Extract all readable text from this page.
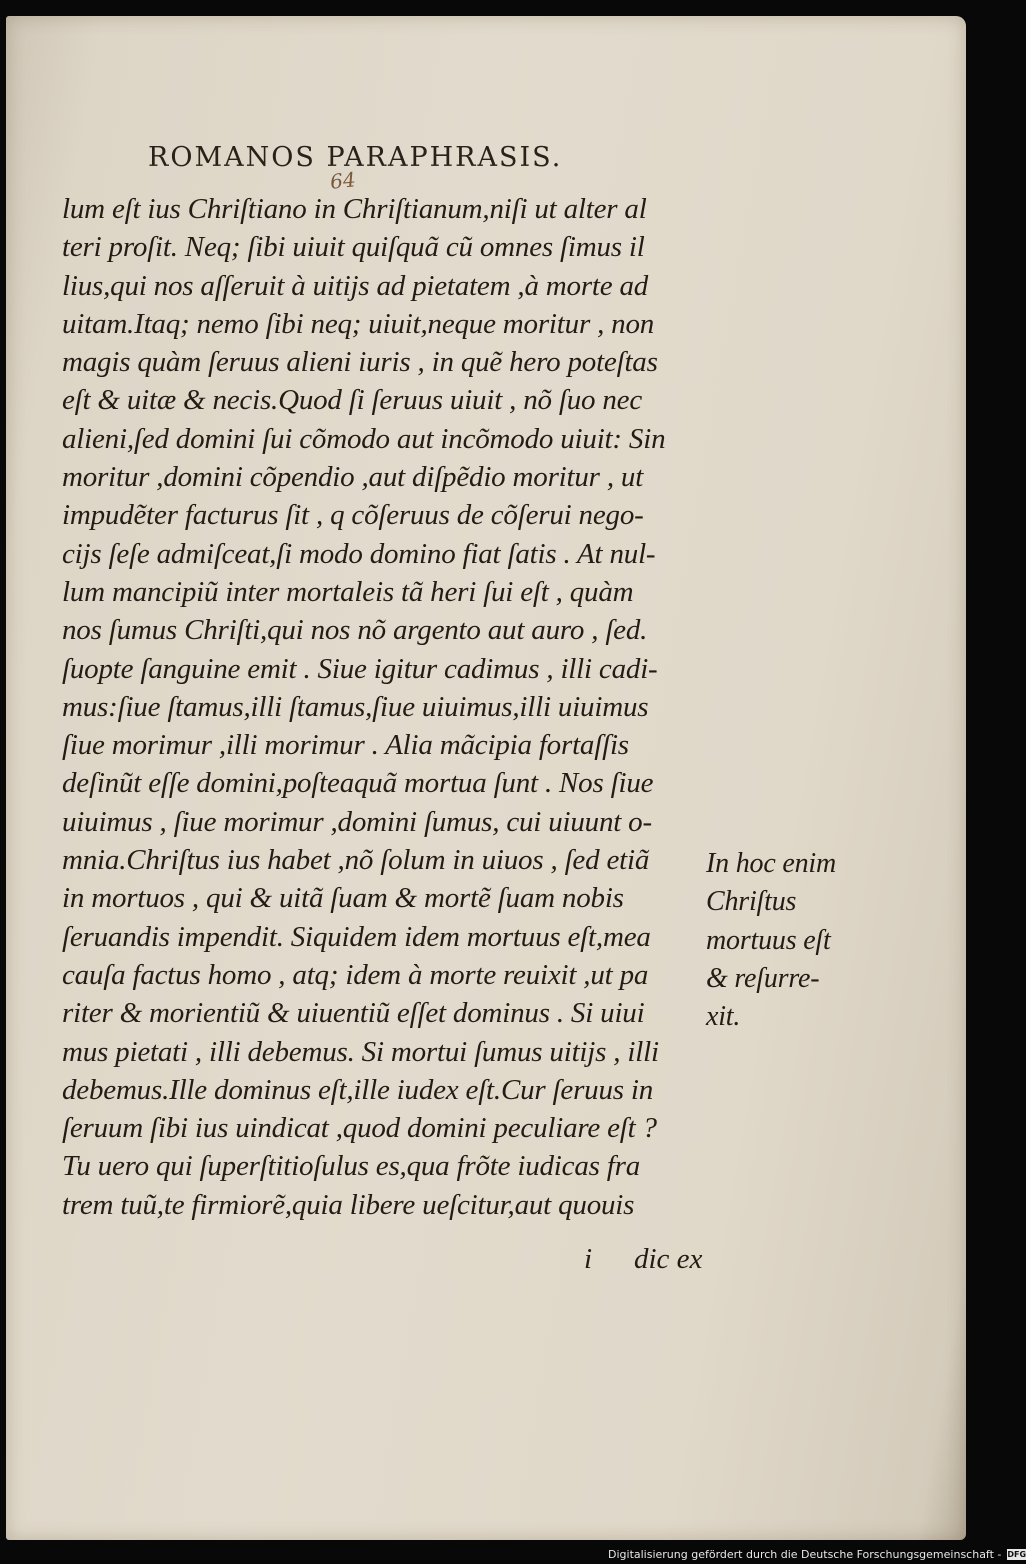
ROMANOS PARAPHRASIS.
64
lum eſt ius Chriſtiano in Chriſtianum,niſi ut alter al
teri proſit. Neq; ſibi uiuit quiſquã cũ omnes ſimus il
lius,qui nos aſſeruit à uitijs ad pietatem ,à morte ad
uitam.Itaq; nemo ſibi neq; uiuit,neque moritur , non
magis quàm ſeruus alieni iuris , in quẽ hero poteſtas
eſt & uitæ & necis.Quod ſi ſeruus uiuit , nõ ſuo nec
alieni,ſed domini ſui cõmodo aut incõmodo uiuit: Sin
moritur ,domini cõpendio ,aut diſpẽdio moritur , ut
impudẽter facturus ſit , q cõſeruus de cõſerui nego-
cijs ſeſe admiſceat,ſi modo domino fiat ſatis . At nul-
lum mancipiũ inter mortaleis tã heri ſui eſt , quàm
nos ſumus Chriſti,qui nos nõ argento aut auro , ſed.
ſuopte ſanguine emit . Siue igitur cadimus , illi cadi-
mus:ſiue ſtamus,illi ſtamus,ſiue uiuimus,illi uiuimus
ſiue morimur ,illi morimur . Alia mãcipia fortaſſis
deſinũt eſſe domini,poſteaquã mortua ſunt . Nos ſiue
uiuimus , ſiue morimur ,domini ſumus, cui uiuunt o-
mnia.Chriſtus ius habet ,nõ ſolum in uiuos , ſed etiã
in mortuos , qui & uitã ſuam & mortẽ ſuam nobis
ſeruandis impendit. Siquidem idem mortuus eſt,mea
cauſa factus homo , atq; idem à morte reuixit ,ut pa
riter & morientiũ & uiuentiũ eſſet dominus . Si uiui
mus pietati , illi debemus. Si mortui ſumus uitijs , illi
debemus.Ille dominus eſt,ille iudex eſt.Cur ſeruus in
ſeruum ſibi ius uindicat ,quod domini peculiare eſt ?
Tu uero qui ſuperſtitioſulus es,qua frõte iudicas fra
trem tuũ,te firmiorẽ,quia libere ueſcitur,aut quouis
In hoc enim
Chriſtus
mortuus eſt
& reſurre-
xit.
i dic ex
Digitalisierung gefördert durch die Deutsche Forschungsgemeinschaft - DFG
